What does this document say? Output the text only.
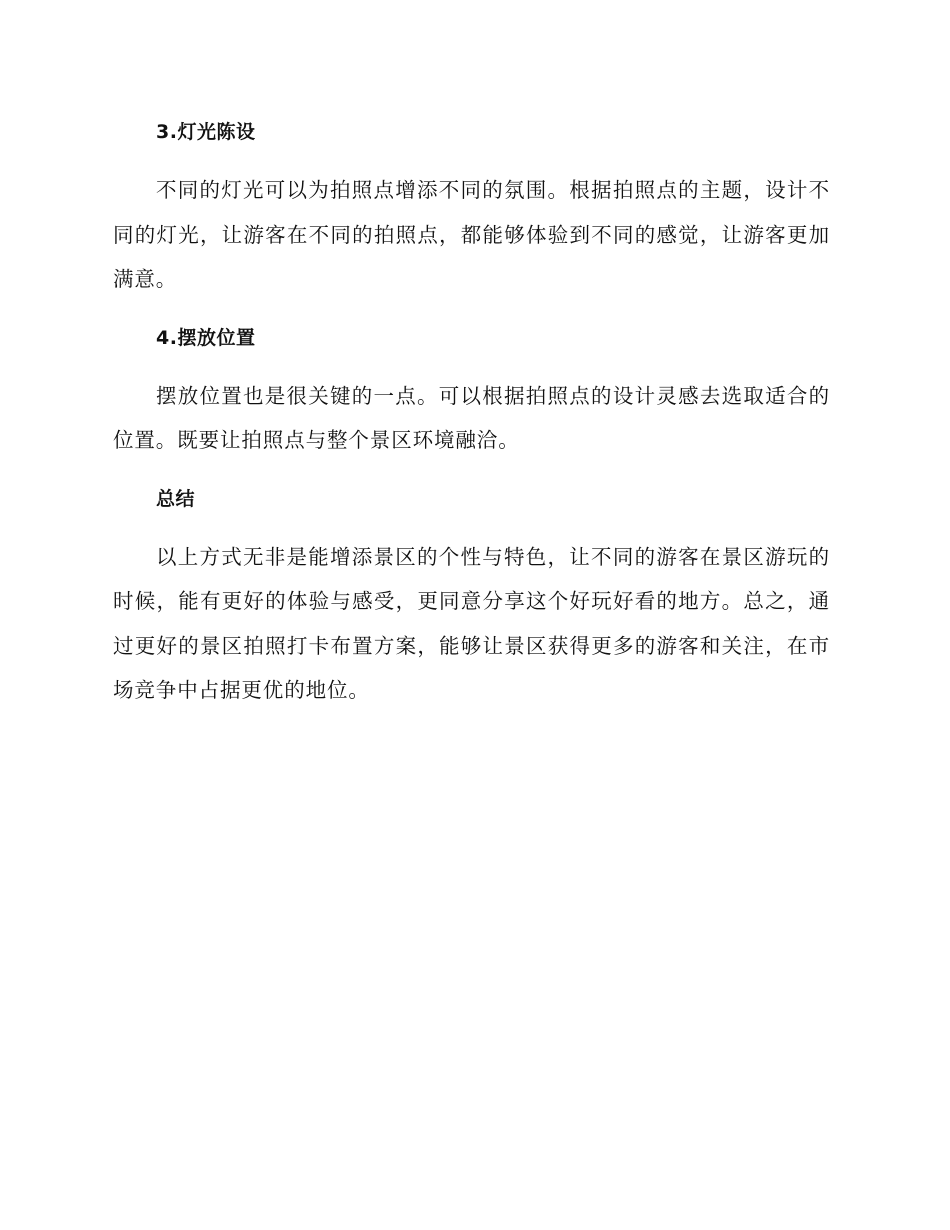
3.灯光陈设

不同的灯光可以为拍照点增添不同的氛围。根据拍照点的主题，设计不同的灯光，让游客在不同的拍照点，都能够体验到不同的感觉，让游客更加满意。

4.摆放位置

摆放位置也是很关键的一点。可以根据拍照点的设计灵感去选取适合的位置。既要让拍照点与整个景区环境融洽。

总结

以上方式无非是能增添景区的个性与特色，让不同的游客在景区游玩的时候，能有更好的体验与感受，更同意分享这个好玩好看的地方。总之，通过更好的景区拍照打卡布置方案，能够让景区获得更多的游客和关注，在市场竞争中占据更优的地位。
